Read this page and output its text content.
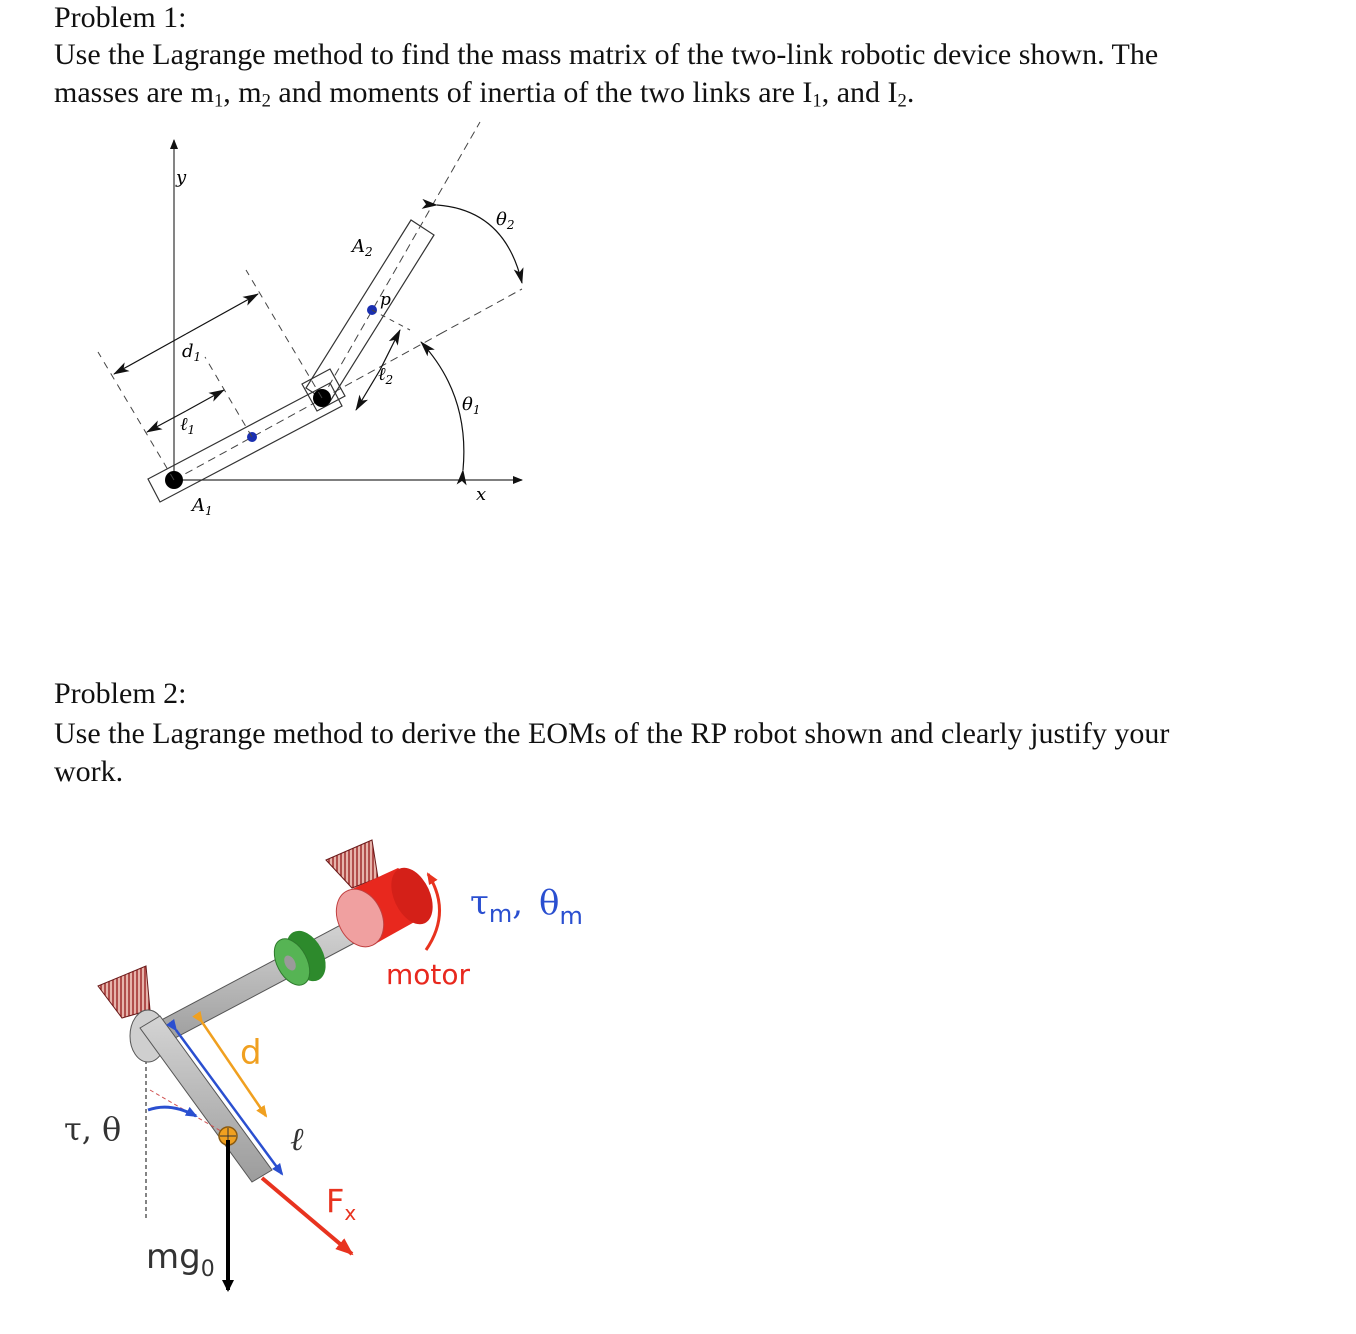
Problem 1:

Use the Lagrange method to find the mass matrix of the two-link robotic device shown. The
masses are $m_1$, $m_2$ and moments of inertia of the two links are $I_1$, and $I_2$.

y
x
p
$A_1$
$A_2$
$d_1$
ℓ$_1$
ℓ$_2$
$\theta_1$
$\theta_2$
Problem 2:

Use the Lagrange method to derive the EOMs of the RP robot shown and clearly justify your
work.

τ, θ
d
ℓ
$F_x$
$mg_0$
motor
$\tau_m$, $\theta_m$
